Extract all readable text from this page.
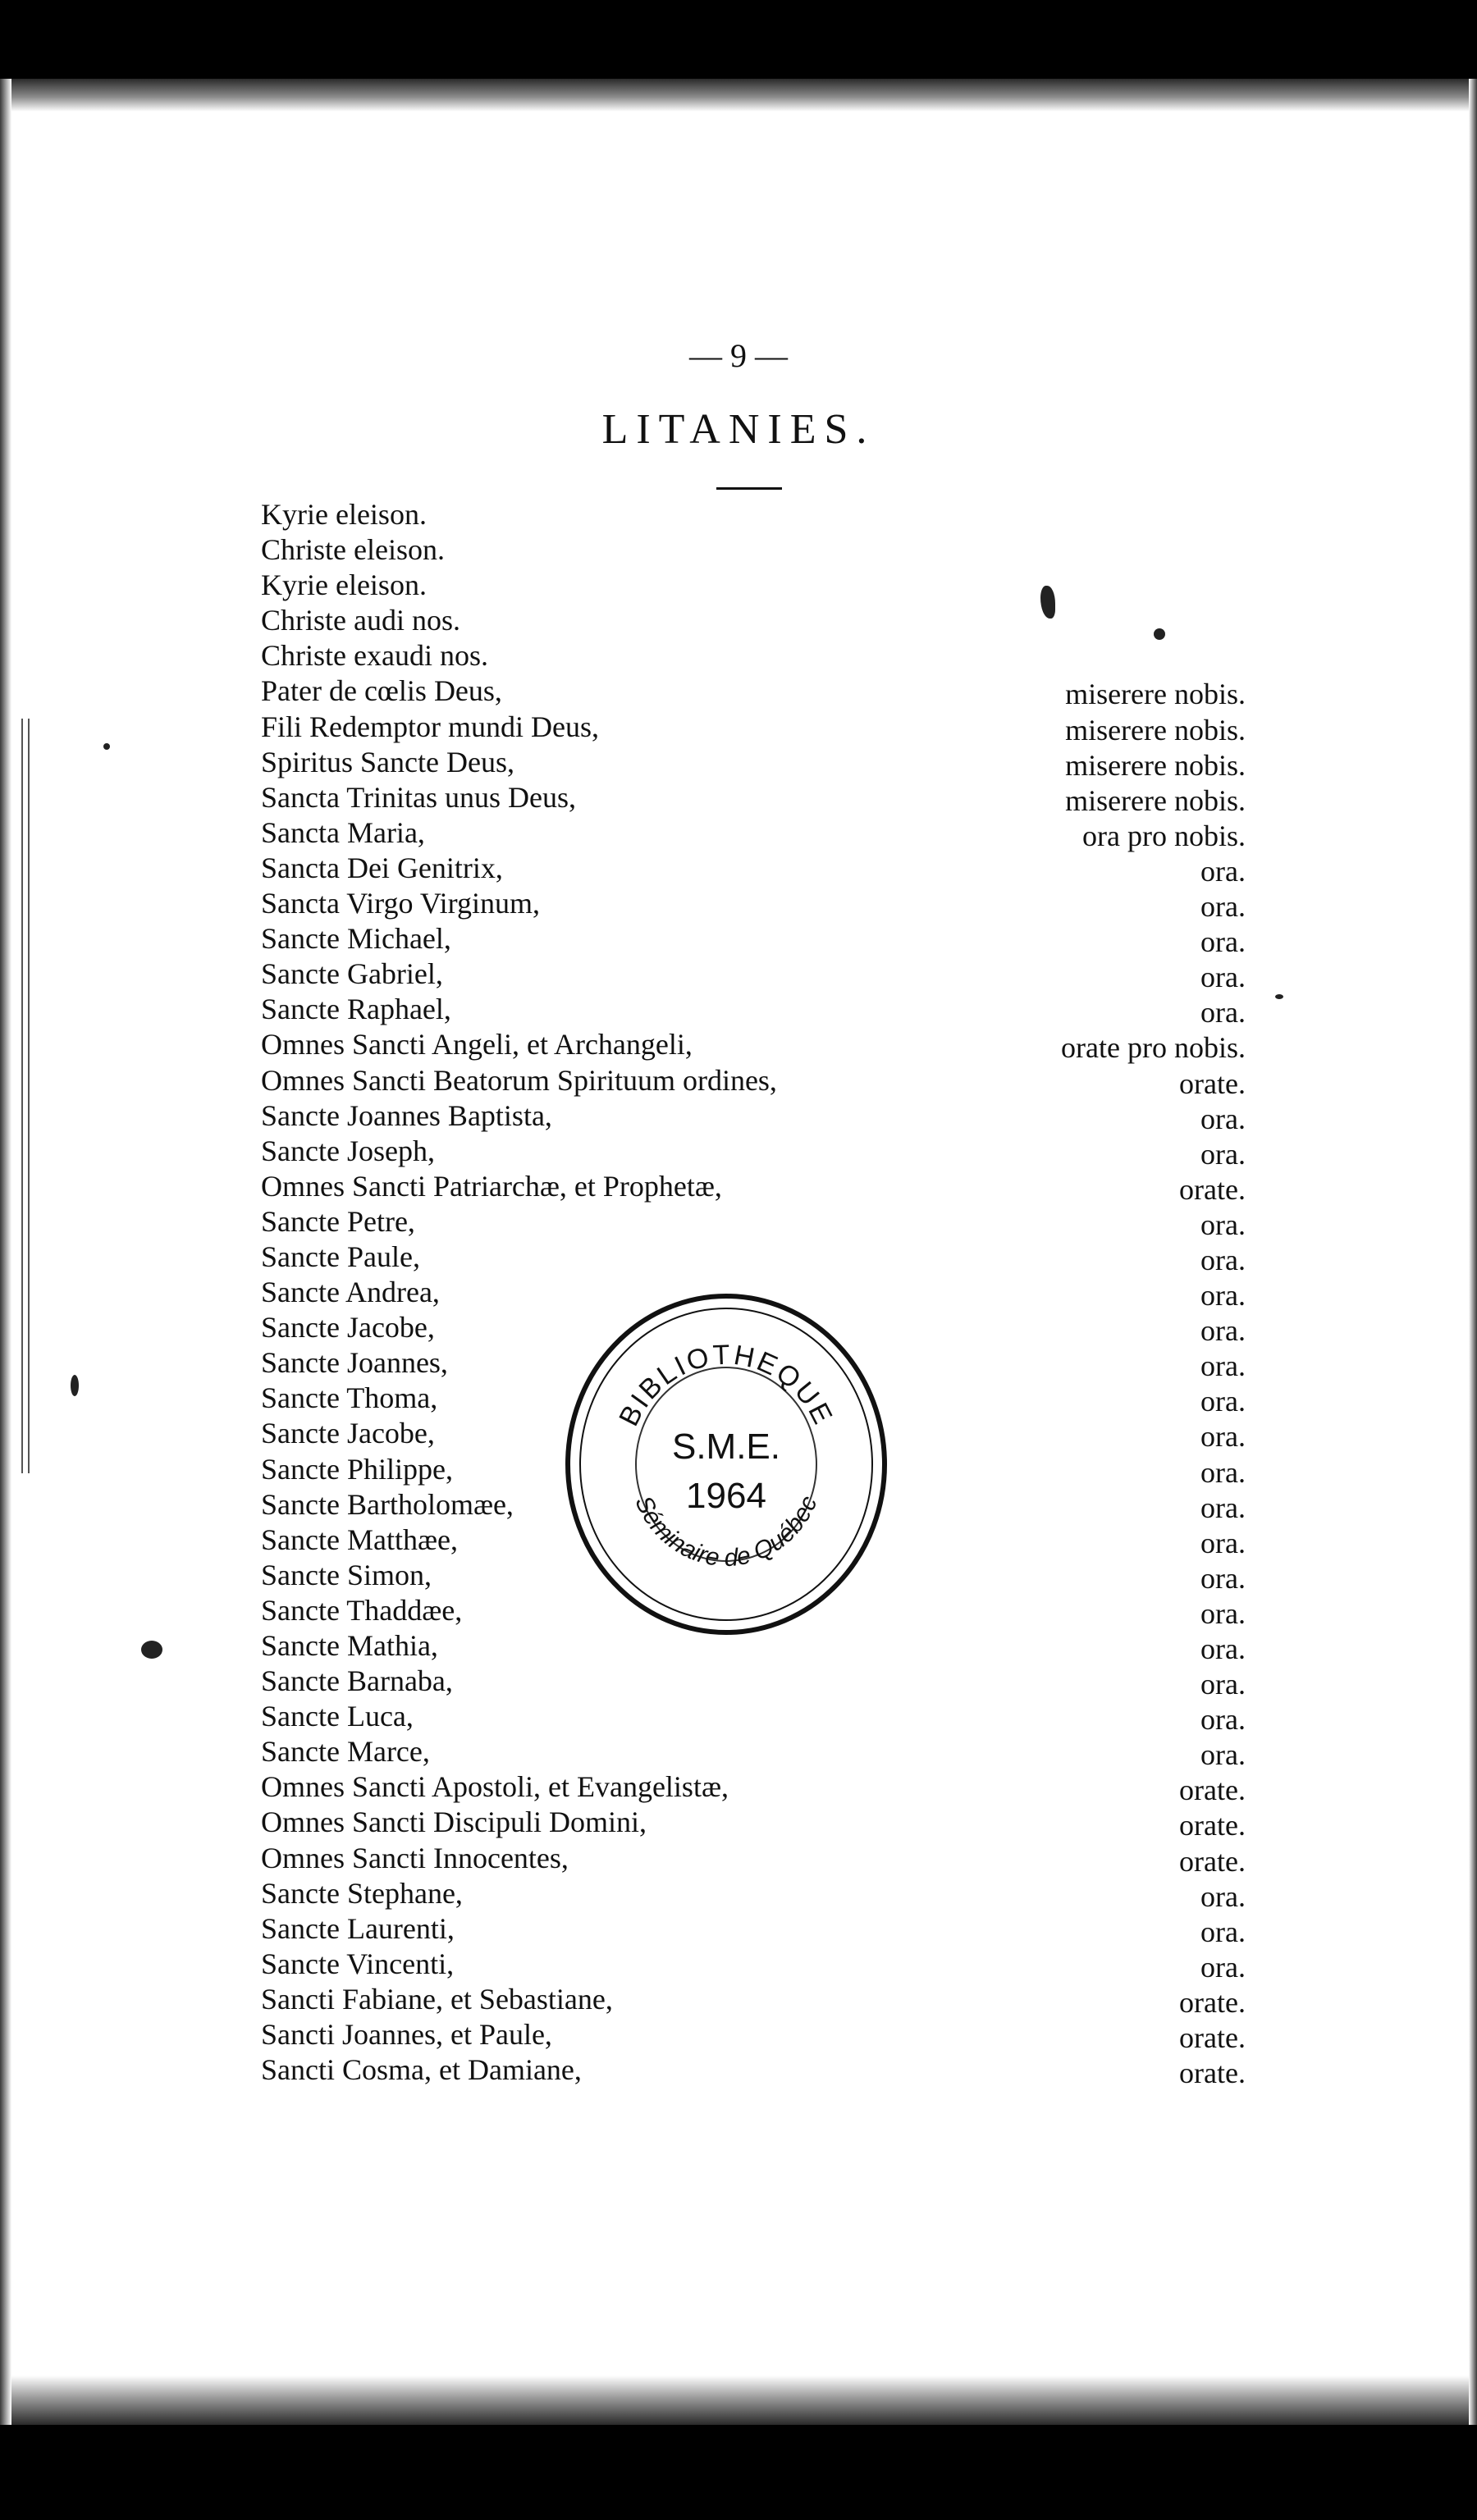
— 9 —
LITANIES.
Kyrie eleison.
Christe eleison.
Kyrie eleison.
Christe audi nos.
Christe exaudi nos.
Pater de cœlis Deus,	miserere nobis.
Fili Redemptor mundi Deus,	miserere nobis.
Spiritus Sancte Deus,	miserere nobis.
Sancta Trinitas unus Deus,	miserere nobis.
Sancta Maria,	ora pro nobis.
Sancta Dei Genitrix,	ora.
Sancta Virgo Virginum,	ora.
Sancte Michael,	ora.
Sancte Gabriel,	ora.
Sancte Raphael,	ora.
Omnes Sancti Angeli, et Archangeli,	orate pro nobis.
Omnes Sancti Beatorum Spirituum ordines,	orate.
Sancte Joannes Baptista,	ora.
Sancte Joseph,	ora.
Omnes Sancti Patriarchæ, et Prophetæ,	orate.
Sancte Petre,	ora.
Sancte Paule,	ora.
Sancte Andrea,	ora.
Sancte Jacobe,	ora.
Sancte Joannes,	ora.
Sancte Thoma,	ora.
Sancte Jacobe,	ora.
Sancte Philippe,	ora.
Sancte Bartholomæe,	ora.
Sancte Matthæe,	ora.
Sancte Simon,	ora.
Sancte Thaddæe,	ora.
Sancte Mathia,	ora.
Sancte Barnaba,	ora.
Sancte Luca,	ora.
Sancte Marce,	ora.
Omnes Sancti Apostoli, et Evangelistæ,	orate.
Omnes Sancti Discipuli Domini,	orate.
Omnes Sancti Innocentes,	orate.
Sancte Stephane,	ora.
Sancte Laurenti,	ora.
Sancte Vincenti,	ora.
Sancti Fabiane, et Sebastiane,	orate.
Sancti Joannes, et Paule,	orate.
Sancti Cosma, et Damiane,	orate.
BIBLIOTHEQUE
S.M.E.
1964
Séminaire de Québec
